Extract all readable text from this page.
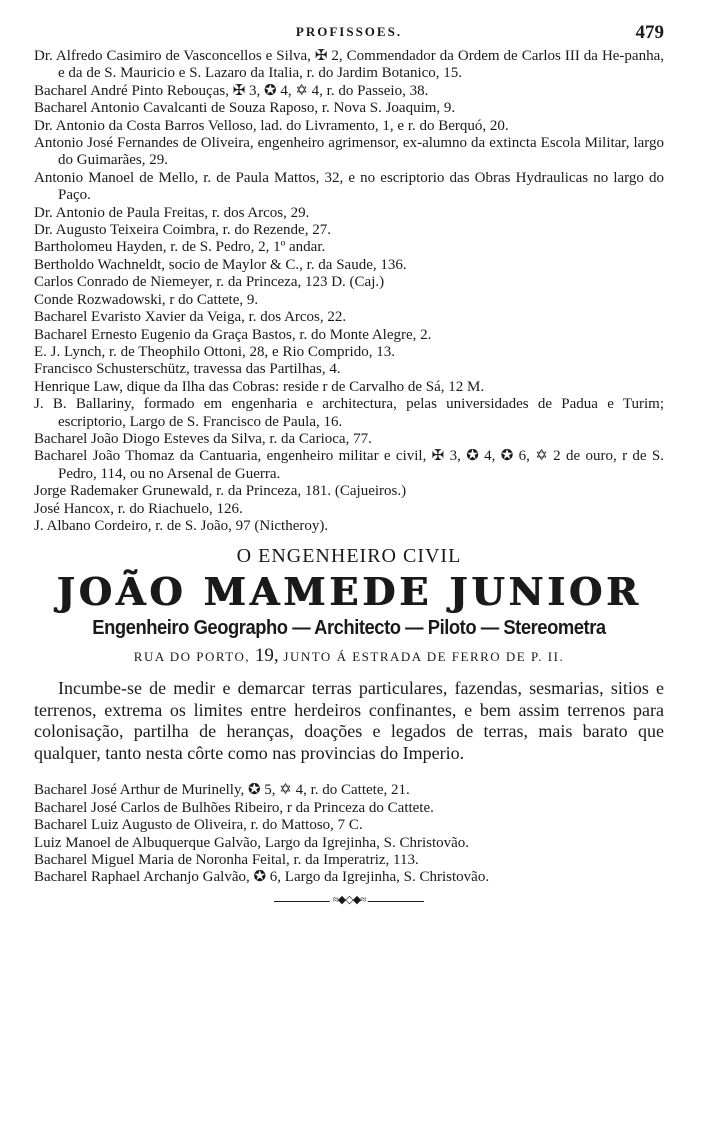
PROFISSOES.	479

Dr. Alfredo Casimiro de Vasconcellos e Silva, ✠ 2, Commendador da Ordem de Carlos III da He-panha, e da de S. Mauricio e S. Lazaro da Italia, r. do Jardim Botanico, 15.

Bacharel André Pinto Rebouças, ✠ 3, ✪ 4, ✡ 4, r. do Passeio, 38.

Bacharel Antonio Cavalcanti de Souza Raposo, r. Nova S. Joaquim, 9.

Dr. Antonio da Costa Barros Velloso, lad. do Livramento, 1, e r. do Berquó, 20.

Antonio José Fernandes de Oliveira, engenheiro agrimensor, ex-alumno da extincta Escola Militar, largo do Guimarães, 29.

Antonio Manoel de Mello, r. de Paula Mattos, 32, e no escriptorio das Obras Hydraulicas no largo do Paço.

Dr. Antonio de Paula Freitas, r. dos Arcos, 29.

Dr. Augusto Teixeira Coimbra, r. do Rezende, 27.

Bartholomeu Hayden, r. de S. Pedro, 2, 1º andar.

Bertholdo Wachneldt, socio de Maylor & C., r. da Saude, 136.

Carlos Conrado de Niemeyer, r. da Princeza, 123 D. (Caj.)

Conde Rozwadowski, r do Cattete, 9.

Bacharel Evaristo Xavier da Veiga, r. dos Arcos, 22.

Bacharel Ernesto Eugenio da Graça Bastos, r. do Monte Alegre, 2.

E. J. Lynch, r. de Theophilo Ottoni, 28, e Rio Comprido, 13.

Francisco Schusterschütz, travessa das Partilhas, 4.

Henrique Law, dique da Ilha das Cobras: reside r de Carvalho de Sá, 12 M.

J. B. Ballariny, formado em engenharia e architectura, pelas universidades de Padua e Turim; escriptorio, Largo de S. Francisco de Paula, 16.

Bacharel João Diogo Esteves da Silva, r. da Carioca, 77.

Bacharel João Thomaz da Cantuaria, engenheiro militar e civil, ✠ 3, ✪ 4, ✪ 6, ✡ 2 de ouro, r de S. Pedro, 114, ou no Arsenal de Guerra.

Jorge Rademaker Grunewald, r. da Princeza, 181. (Cajueiros.)

José Hancox, r. do Riachuelo, 126.

J. Albano Cordeiro, r. de S. João, 97 (Nictheroy).

O ENGENHEIRO CIVIL
JOÃO MAMEDE JUNIOR
Engenheiro Geographo — Architecto — Piloto — Stereometra
RUA DO PORTO, 19, JUNTO Á ESTRADA DE FERRO DE P. II.
Incumbe-se de medir e demarcar terras particulares, fazendas, sesmarias, sitios e terrenos, extrema os limites entre herdeiros confinantes, e bem assim terrenos para colonisação, partilha de heranças, doações e legados de terras, mais barato que qualquer, tanto nesta côrte como nas provincias do Imperio.

Bacharel José Arthur de Murinelly, ✪ 5, ✡ 4, r. do Cattete, 21.

Bacharel José Carlos de Bulhões Ribeiro, r da Princeza do Cattete.

Bacharel Luiz Augusto de Oliveira, r. do Mattoso, 7 C.

Luiz Manoel de Albuquerque Galvão, Largo da Igrejinha, S. Christovão.

Bacharel Miguel Maria de Noronha Feital, r. da Imperatriz, 113.

Bacharel Raphael Archanjo Galvão, ✪ 6, Largo da Igrejinha, S. Christovão.

≈◆◇◆≈
